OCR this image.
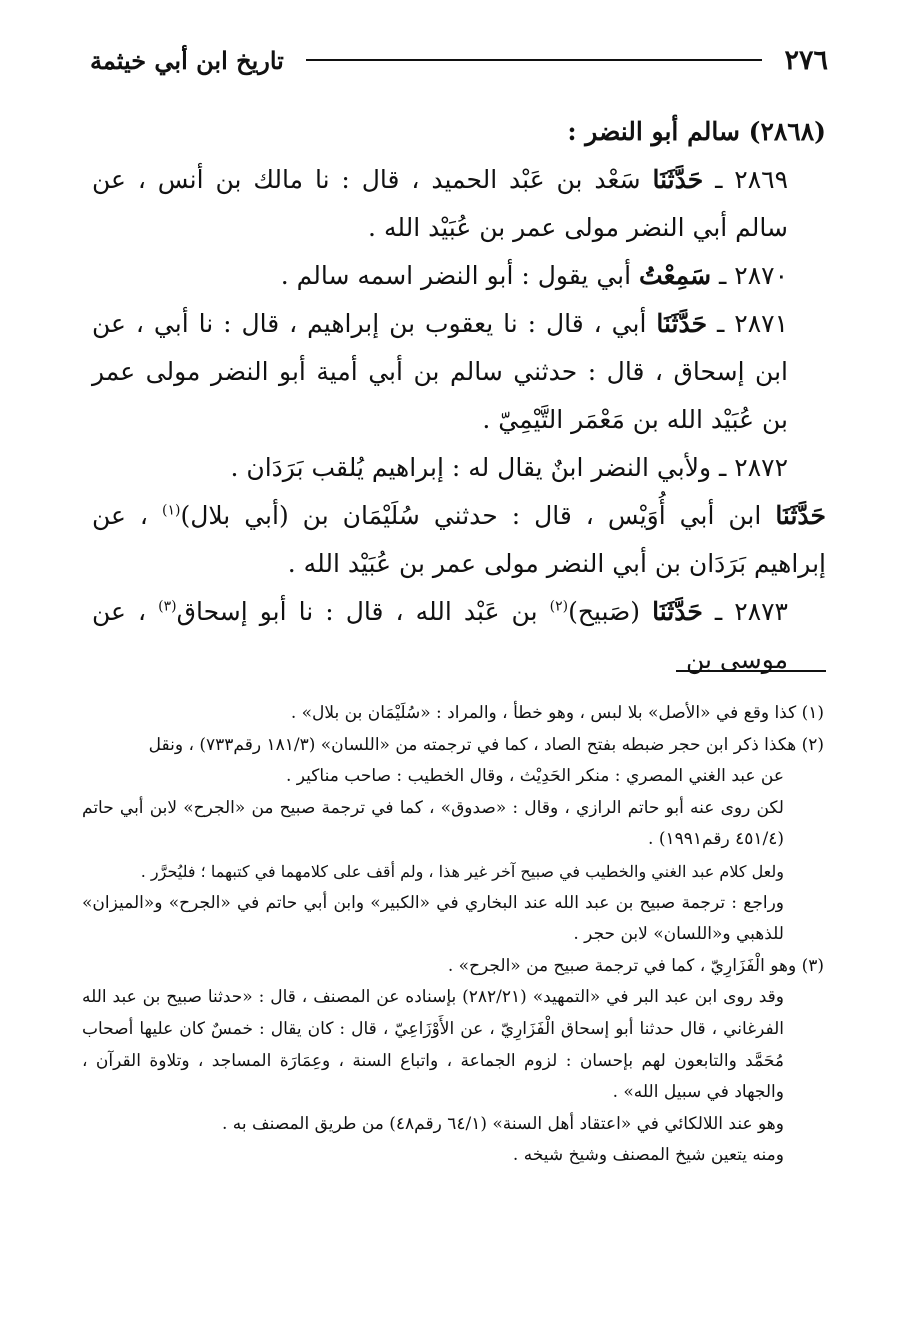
٢٧٦
تاريخ ابن أبي خيثمة

(٢٨٦٨) سالم أبو النضر :

٢٨٦٩ ـ حَدَّثَنَا سَعْد بن عَبْد الحميد ، قال : نا مالك بن أنس ، عن سالم أبي النضر مولى عمر بن عُبَيْد الله .

٢٨٧٠ ـ سَمِعْتُ أبي يقول : أبو النضر اسمه سالم .

٢٨٧١ ـ حَدَّثَنَا أبي ، قال : نا يعقوب بن إبراهيم ، قال : نا أبي ، عن ابن إسحاق ، قال : حدثني سالم بن أبي أمية أبو النضر مولى عمر بن عُبَيْد الله بن مَعْمَر التَّيْمِيّ .

٢٨٧٢ ـ ولأبي النضر ابنٌ يقال له : إبراهيم يُلقب بَرَدَان .

حَدَّثَنَا ابن أبي أُوَيْس ، قال : حدثني سُلَيْمَان بن (أبي بلال)$^{(١)}$ ، عن إبراهيم بَرَدَان بن أبي النضر مولى عمر بن عُبَيْد الله .

٢٨٧٣ ـ حَدَّثَنَا (صَبيح)$^{(٢)}$ بن عَبْد الله ، قال : نا أبو إسحاق$^{(٣)}$ ، عن موسى بن

(١) كذا وقع في «الأصل» بلا لبس ، وهو خطأ ، والمراد : «سُلَيْمَان بن بلال» .

(٢) هكذا ذكر ابن حجر ضبطه بفتح الصاد ، كما في ترجمته من «اللسان» (١٨١/٣ رقم٧٣٣) ، ونقل

عن عبد الغني المصري : منكر الحَدِيْث ، وقال الخطيب : صاحب مناكير .

لكن روى عنه أبو حاتم الرازي ، وقال : «صدوق» ، كما في ترجمة صبيح من «الجرح» لابن أبي حاتم (٤٥١/٤ رقم١٩٩١) .

ولعل كلام عبد الغني والخطيب في صبيح آخر غير هذا ، ولم أقف على كلامهما في كتبهما ؛ فليُحرَّر .

وراجع : ترجمة صبيح بن عبد الله عند البخاري في «الكبير» وابن أبي حاتم في «الجرح» و«الميزان» للذهبي و«اللسان» لابن حجر .

(٣) وهو الْفَزَارِيّ ، كما في ترجمة صبيح من «الجرح» .

وقد روى ابن عبد البر في «التمهيد» (٢٨٢/٢١) بإسناده عن المصنف ، قال : «حدثنا صبيح بن عبد الله الفرغاني ، قال حدثنا أبو إسحاق الْفَزَارِيّ ، عن الأَوْزَاعِيّ ، قال : كان يقال : خمسٌ كان عليها أصحاب مُحَمَّد والتابعون لهم بإحسان : لزوم الجماعة ، واتباع السنة ، وعِمَارَة المساجد ، وتلاوة القرآن ، والجهاد في سبيل الله» .

وهو عند اللالكائي في «اعتقاد أهل السنة» (٦٤/١ رقم٤٨) من طريق المصنف به .

ومنه يتعين شيخ المصنف وشيخ شيخه .
